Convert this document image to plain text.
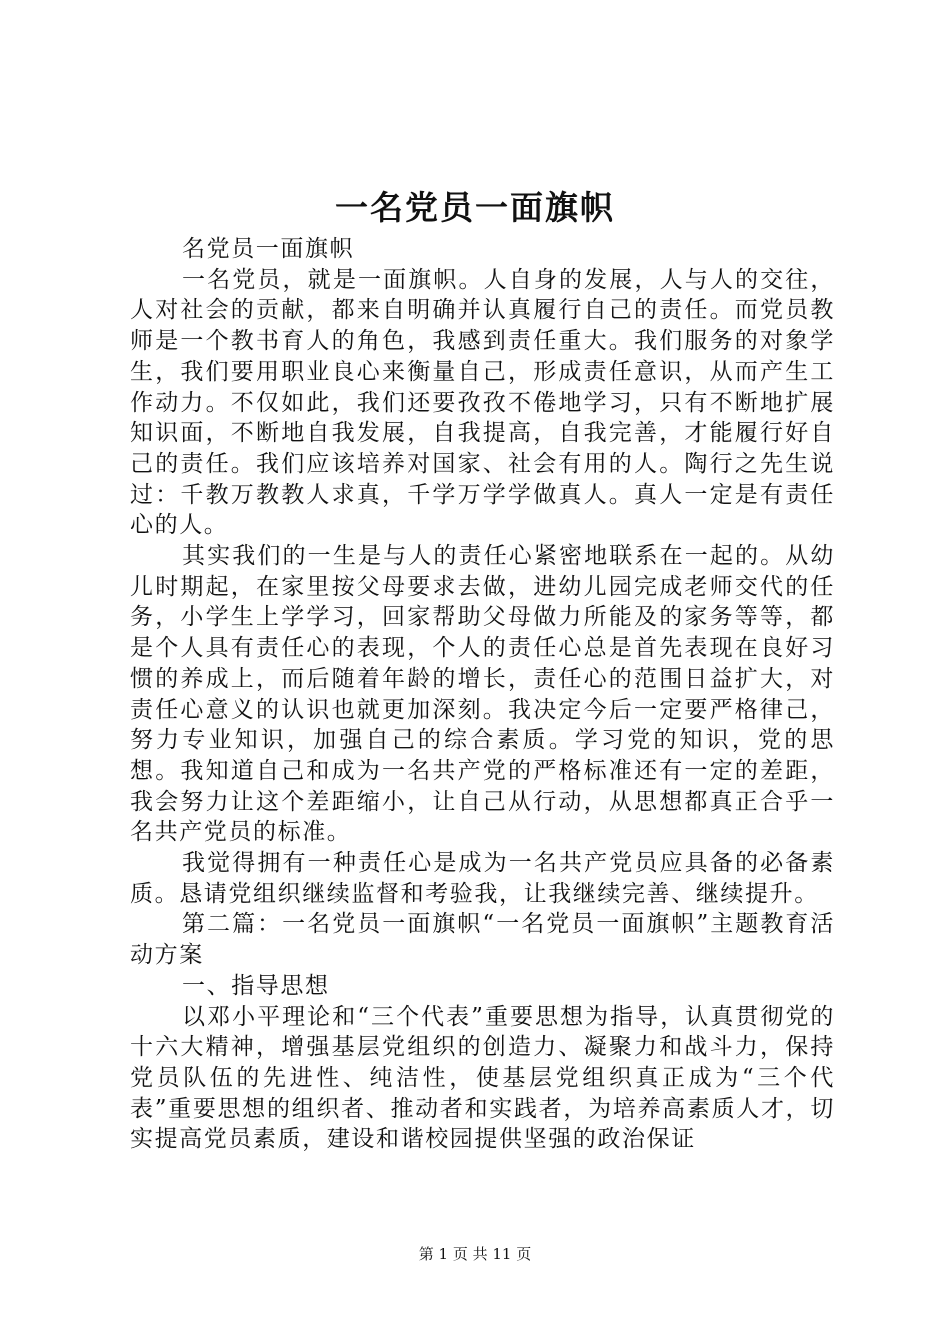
一名党员一面旗帜

名党员一面旗帜

一名党员，就是一面旗帜。人自身的发展，人与人的交往，人对社会的贡献，都来自明确并认真履行自己的责任。而党员教师是一个教书育人的角色，我感到责任重大。我们服务的对象学生，我们要用职业良心来衡量自己，形成责任意识，从而产生工作动力。不仅如此，我们还要孜孜不倦地学习，只有不断地扩展知识面，不断地自我发展，自我提高，自我完善，才能履行好自己的责任。我们应该培养对国家、社会有用的人。陶行之先生说过：千教万教教人求真，千学万学学做真人。真人一定是有责任心的人。

其实我们的一生是与人的责任心紧密地联系在一起的。从幼儿时期起，在家里按父母要求去做，进幼儿园完成老师交代的任务，小学生上学学习，回家帮助父母做力所能及的家务等等，都是个人具有责任心的表现，个人的责任心总是首先表现在良好习惯的养成上，而后随着年龄的增长，责任心的范围日益扩大，对责任心意义的认识也就更加深刻。我决定今后一定要严格律己，努力专业知识，加强自己的综合素质。学习党的知识，党的思想。我知道自己和成为一名共产党的严格标准还有一定的差距，我会努力让这个差距缩小，让自己从行动，从思想都真正合乎一名共产党员的标准。

我觉得拥有一种责任心是成为一名共产党员应具备的必备素质。恳请党组织继续监督和考验我，让我继续完善、继续提升。

第二篇：一名党员一面旗帜“一名党员一面旗帜”主题教育活动方案

一、指导思想

以邓小平理论和“三个代表”重要思想为指导，认真贯彻党的十六大精神，增强基层党组织的创造力、凝聚力和战斗力，保持党员队伍的先进性、纯洁性，使基层党组织真正成为“三个代表”重要思想的组织者、推动者和实践者，为培养高素质人才，切实提高党员素质，建设和谐校园提供坚强的政治保证

第 1 页 共 11 页
